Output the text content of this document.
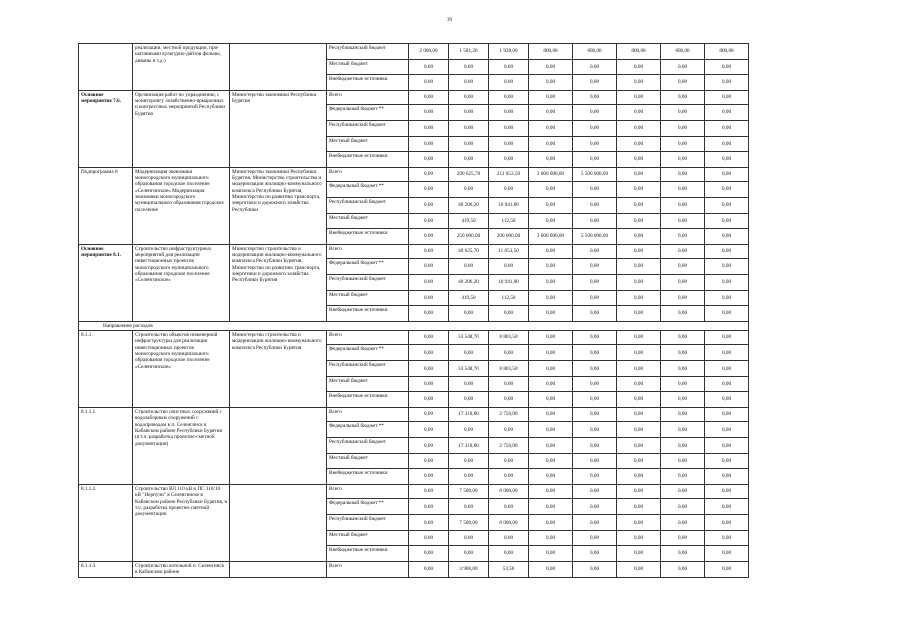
39
	реализации, местной продукции, при-шатанными культурно-дайтов фольны, диваны и т.д.)		Республиканский бюджет	2 000,00	1 581,20	1 928,00	800,00	800,00	800,00	800,00	800,00
			Местный бюджет	0,00	0,00	0,00	0,00	0,00	0,00	0,00	0,00
			Внебюджетные источники	0,00	0,00	0,00	0,00	0,00	0,00	0,00	0,00
Основное мероприятие 7.6.	Организация работ по упразднению, с мониторингу хозяйственно-ярмарочных и конгрессных мероприятий Республики Бурятия	Министерство экономики Республики Бурятия	Всего	0,00	0,00	0,00	0,00	0,00	0,00	0,00	0,00
			Федеральный бюджет **	0,00	0,00	0,00	0,00	0,00	0,00	0,00	0,00
			Республиканский бюджет	0,00	0,00	0,00	0,00	0,00	0,00	0,00	0,00
			Местный бюджет	0,00	0,00	0,00	0,00	0,00	0,00	0,00	0,00
			Внебюджетные источники	0,00	0,00	0,00	0,00	0,00	0,00	0,00	0,00
Подпрограмма 8	Модернизация экономики моногородского муниципального образования городское поселение «Селенгинское» Модернизация экономики моногородского муниципального образования городское поселение	Министерство экономики Республики Бурятия, Министерство строительства и модернизации жилищно-коммунального комплекса Республики Бурятия, Министерство по развитию транспорта, энергетики и дорожного хозяйства Республики	Всего	0,00	290 625,70	211 053,50	3 000 000,00	5 500 000,00	0,00	0,00	0,00
			Федеральный бюджет **	0,00	0,00	0,00	0,00	0,00	0,00	0,00	0,00
			Республиканский бюджет	0,00	40 206,20	10 941,00	0,00	0,00	0,00	0,00	0,00
			Местный бюджет	0,00	419,50	112,50	0,00	0,00	0,00	0,00	0,00
			Внебюджетные источники	0,00	250 000,00	200 000,00	3 000 000,00	5 500 000,00	0,00	0,00	0,00
Основное мероприятие 8.1.	Строительство инфраструктурных мероприятий для реализации инвестиционных проектов моногородского муниципального образования городское поселение «Селенгинское»	Министерство строительства и модернизации жилищно-коммунального комплекса Республики Бурятия, Министерство по развитию транспорта, энергетики и дорожного хозяйства Республики Бурятия	Всего	0,00	40 625,70	11 053,50	0,00	0,00	0,00	0,00	0,00
			Федеральный бюджет **	0,00	0,00	0,00	0,00	0,00	0,00	0,00	0,00
			Республиканский бюджет	0,00	40 206,20	10 941,00	0,00	0,00	0,00	0,00	0,00
			Местный бюджет	0,00	419,50	112,50	0,00	0,00	0,00	0,00	0,00
			Внебюджетные источники	0,00	0,00	0,00	0,00	0,00	0,00	0,00	0,00
Направление расходов											
8.1.1.	Строительство объектов инженерной инфраструктуры для реализации инвестиционных проектов моногородского муниципального образования городское поселение «Селенгинское»	Министерство строительства и модернизации жилищно-коммунального комплекса Республики Бурятия	Всего	0,00	33 548,70	8 803,50	0,00	0,00	0,00	0,00	0,00
			Федеральный бюджет **	0,00	0,00	0,00	0,00	0,00	0,00	0,00	0,00
			Республиканский бюджет	0,00	33 548,70	8 803,50	0,00	0,00	0,00	0,00	0,00
			Местный бюджет	0,00	0,00	0,00	0,00	0,00	0,00	0,00	0,00
			Внебюджетные источники	0,00	0,00	0,00	0,00	0,00	0,00	0,00	0,00
8.1.1.1.	Строительство очистных сооружений с водозаборным сооружений с водопроводом в п. Селенгинск в Кабанском районе Республики Бурятия (в т.ч. разработка проектно-сметной документации)		Всего	0,00	17 310,00	2 750,00	0,00	0,00	0,00	0,00	0,00
			Федеральный бюджет **	0,00	0,00	0,00	0,00	0,00	0,00	0,00	0,00
			Республиканский бюджет	0,00	17 310,00	2 750,00	0,00	0,00	0,00	0,00	0,00
			Местный бюджет	0,00	0,00	0,00	0,00	0,00	0,00	0,00	0,00
			Внебюджетные источники	0,00	0,00	0,00	0,00	0,00	0,00	0,00	0,00
8.1.1.2.	Строительство ВЛ 110 кВ и ПС 110/10 кВ "Нерпучи" в Селенгинске в Кабанском районе Республики Бурятия, в т.ч. разработка проектно-сметной документации		Всего	0,00	7 500,00	6 000,00	0,00	0,00	0,00	0,00	0,00
			Федеральный бюджет **	0,00	0,00	0,00	0,00	0,00	0,00	0,00	0,00
			Республиканский бюджет	0,00	7 500,00	6 000,00	0,00	0,00	0,00	0,00	0,00
			Местный бюджет	0,00	0,00	0,00	0,00	0,00	0,00	0,00	0,00
			Внебюджетные источники	0,00	0,00	0,00	0,00	0,00	0,00	0,00	0,00
8.1.1.3.	Строительство котельной п. Селенгинск в Кабанском районе		Всего	0,00	3 900,00	53,50	0,00	0,00	0,00	0,00	0,00
